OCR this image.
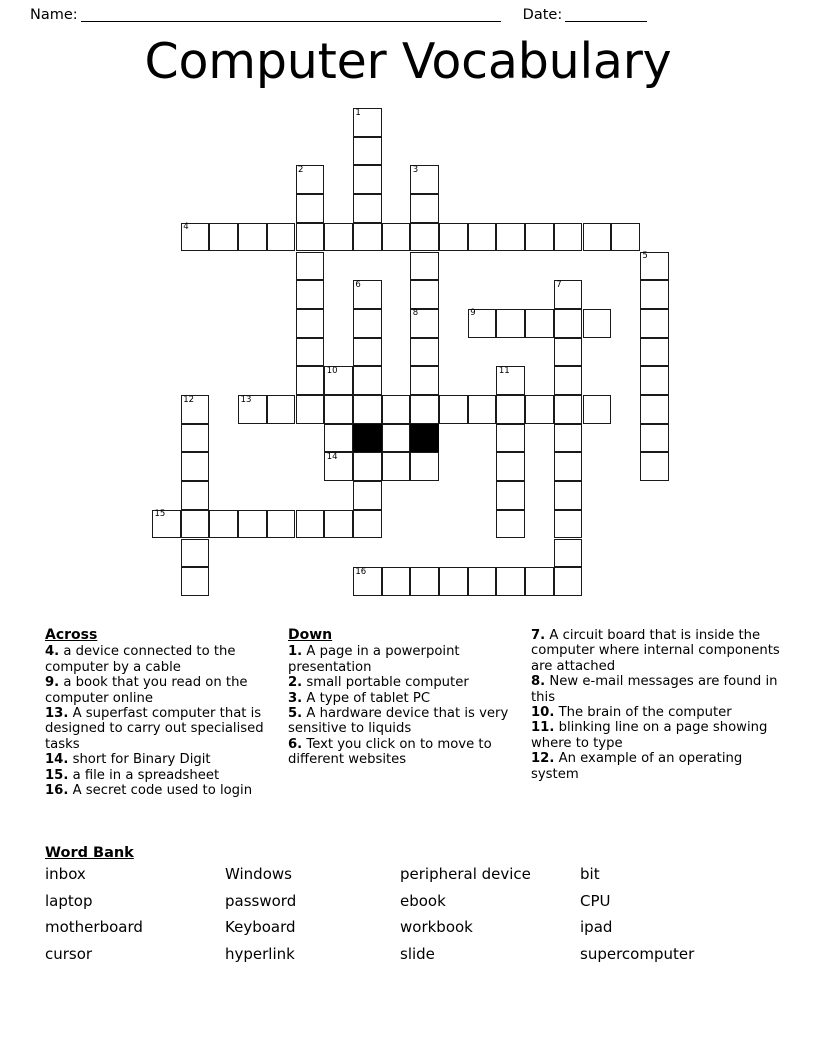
Name:	Date:
Computer Vocabulary
1
2	3
4
5
6	7
8	9
10	11
12	13
14
15
16
Across
4. a device connected to the computer by a cable
9. a book that you read on the computer online
13. A superfast computer that is designed to carry out specialised tasks
14. short for Binary Digit
15. a file in a spreadsheet
16. A secret code used to login
Down
1. A page in a powerpoint presentation
2. small portable computer
3. A type of tablet PC
5. A hardware device that is very sensitive to liquids
6. Text you click on to move to different websites
7. A circuit board that is inside the computer where internal components are attached
8. New e-mail messages are found in this
10. The brain of the computer
11. blinking line on a page showing where to type
12. An example of an operating system
Word Bank
inbox	Windows	peripheral device	bit
laptop	password	ebook	CPU
motherboard	Keyboard	workbook	ipad
cursor	hyperlink	slide	supercomputer
